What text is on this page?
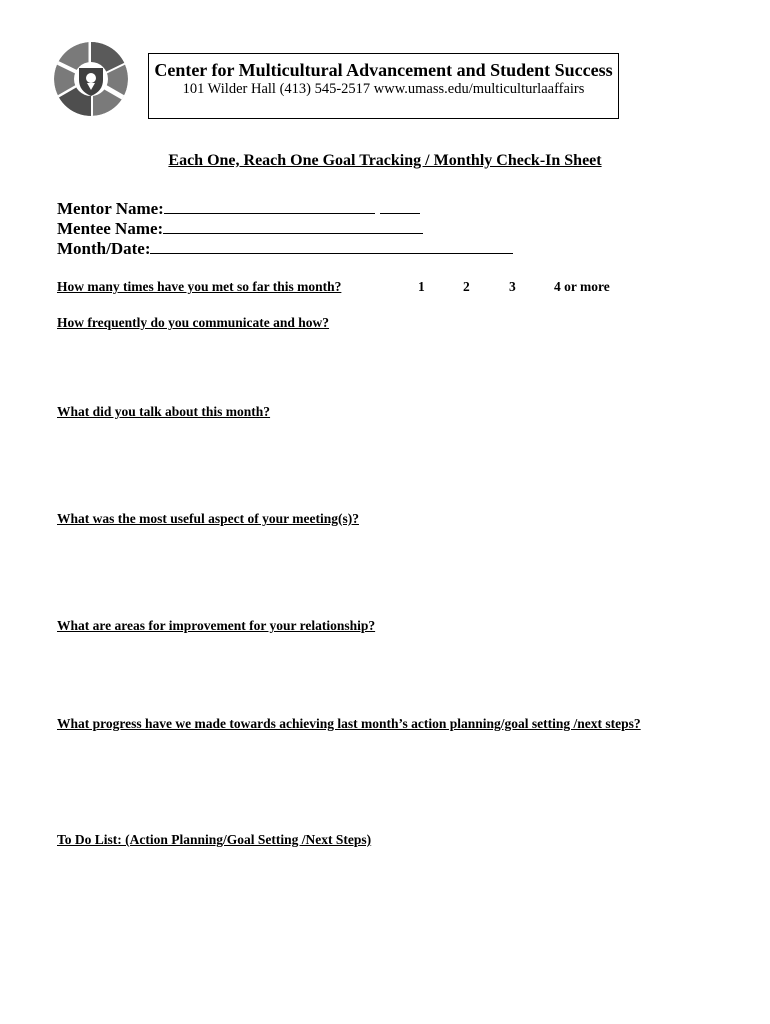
Center for Multicultural Advancement and Student Success
101 Wilder Hall (413) 545-2517 www.umass.edu/multiculturlaaffairs
Each One, Reach One Goal Tracking / Monthly Check-In Sheet
Mentor Name:
Mentee Name:
Month/Date:
How many times have you met so far this month?	1	2	3	4 or more
How frequently do you communicate and how?
What did you talk about this month?
What was the most useful aspect of your meeting(s)?
What are areas for improvement for your relationship?
What progress have we made towards achieving last month’s action planning/goal setting /next steps?
To Do List: (Action Planning/Goal Setting /Next Steps)
